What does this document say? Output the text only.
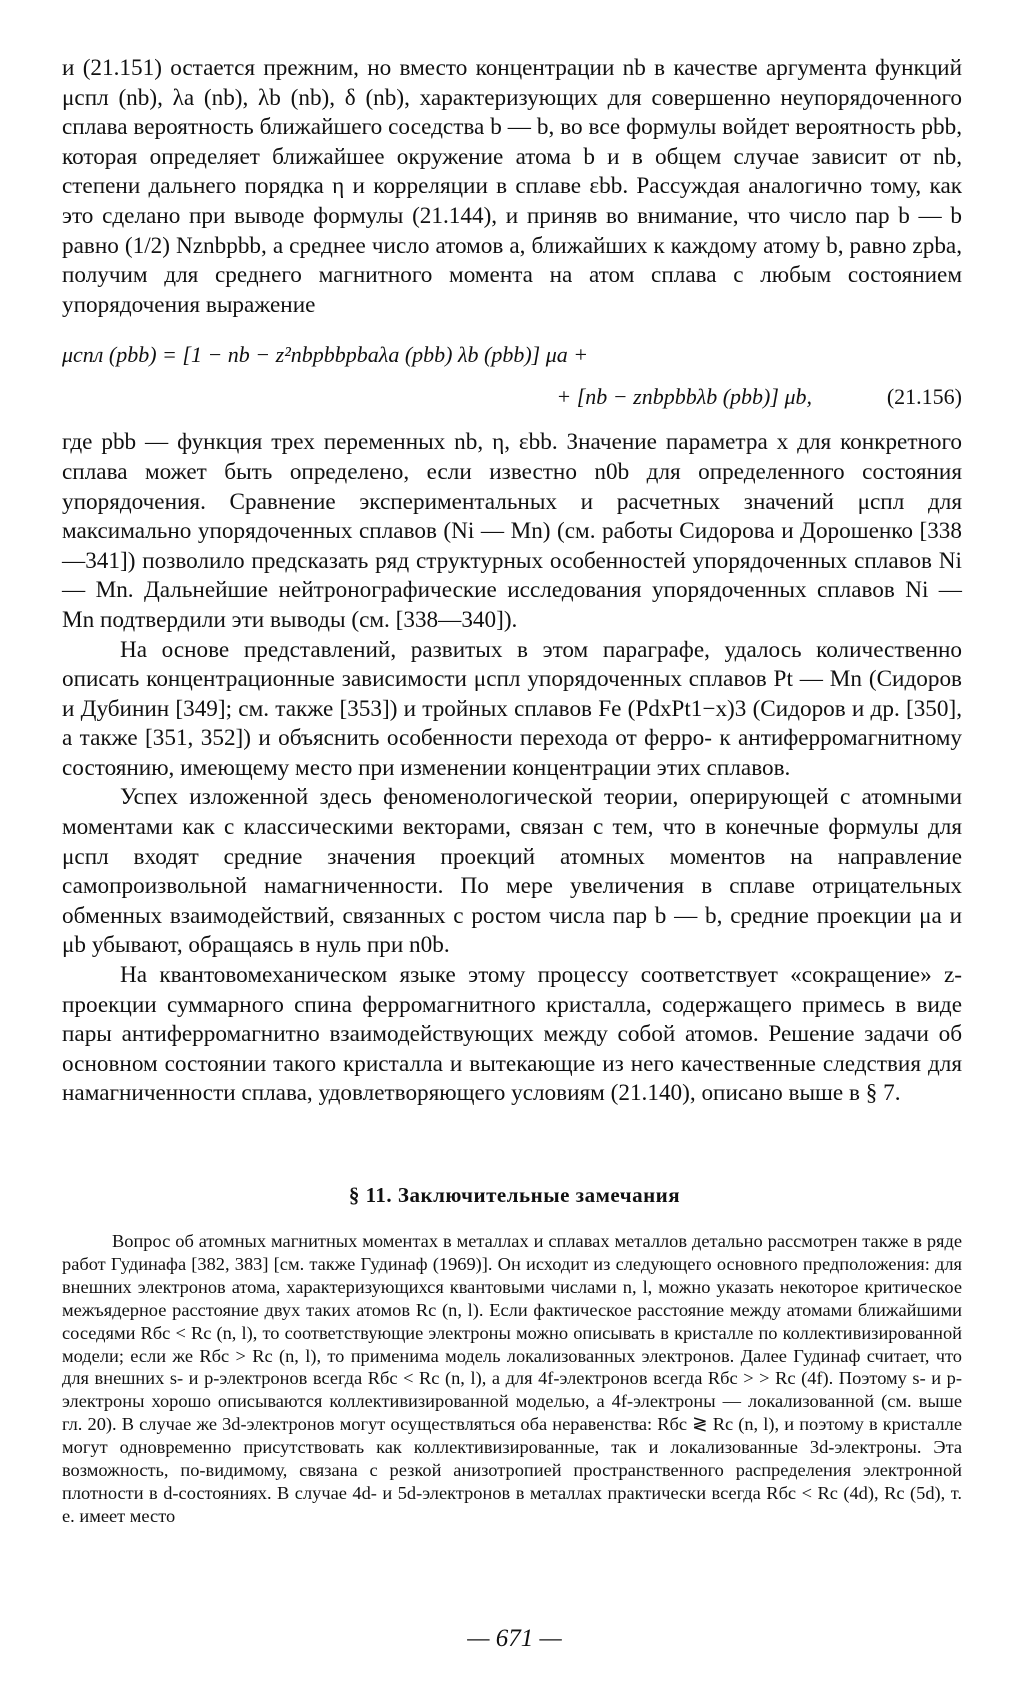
и (21.151) остается прежним, но вместо концентрации nb в качестве аргумента функций μспл (nb), λa (nb), λb (nb), δ (nb), характеризующих для совершенно неупорядоченного сплава вероятность ближайшего соседства b — b, во все формулы войдет вероятность pbb, которая определяет ближайшее окружение атома b и в общем случае зависит от nb, степени дальнего порядка η и корреляции в сплаве εbb. Рассуждая аналогично тому, как это сделано при выводе формулы (21.144), и приняв во внимание, что число пар b — b равно (1/2) Nznbpbb, а среднее число атомов a, ближайших к каждому атому b, равно zpba, получим для среднего магнитного момента на атом сплава с любым состоянием упорядочения выражение

μспл (pbb) = [1 − nb − z²nbpbbpbaλa (pbb) λb (pbb)] μa +
+ [nb − znbpbbλb (pbb)] μb,	(21.156)

где pbb — функция трех переменных nb, η, εbb. Значение параметра x для конкретного сплава может быть определено, если известно n0b для определенного состояния упорядочения. Сравнение экспериментальных и расчетных значений μспл для максимально упорядоченных сплавов (Ni — Mn) (см. работы Сидорова и Дорошенко [338—341]) позволило предсказать ряд структурных особенностей упорядоченных сплавов Ni — Mn. Дальнейшие нейтронографические исследования упорядоченных сплавов Ni — Mn подтвердили эти выводы (см. [338—340]).

На основе представлений, развитых в этом параграфе, удалось количественно описать концентрационные зависимости μспл упорядоченных сплавов Pt — Mn (Сидоров и Дубинин [349]; см. также [353]) и тройных сплавов Fe (PdxPt1−x)3 (Сидоров и др. [350], а также [351, 352]) и объяснить особенности перехода от ферро- к антиферромагнитному состоянию, имеющему место при изменении концентрации этих сплавов.

Успех изложенной здесь феноменологической теории, оперирующей с атомными моментами как с классическими векторами, связан с тем, что в конечные формулы для μспл входят средние значения проекций атомных моментов на направление самопроизвольной намагниченности. По мере увеличения в сплаве отрицательных обменных взаимодействий, связанных с ростом числа пар b — b, средние проекции μa и μb убывают, обращаясь в нуль при n0b.

На квантовомеханическом языке этому процессу соответствует «сокращение» z-проекции суммарного спина ферромагнитного кристалла, содержащего примесь в виде пары антиферромагнитно взаимодействующих между собой атомов. Решение задачи об основном состоянии такого кристалла и вытекающие из него качественные следствия для намагниченности сплава, удовлетворяющего условиям (21.140), описано выше в § 7.

§ 11. Заключительные замечания

Вопрос об атомных магнитных моментах в металлах и сплавах металлов детально рассмотрен также в ряде работ Гудинафа [382, 383] [см. также Гудинаф (1969)]. Он исходит из следующего основного предположения: для внешних электронов атома, характеризующихся квантовыми числами n, l, можно указать некоторое критическое межъядерное расстояние двух таких атомов Rc (n, l). Если фактическое расстояние между атомами ближайшими соседями Rбс < Rc (n, l), то соответствующие электроны можно описывать в кристалле по коллективизированной модели; если же Rбс > Rc (n, l), то применима модель локализованных электронов. Далее Гудинаф считает, что для внешних s- и p-электронов всегда Rбс < Rc (n, l), а для 4f-электронов всегда Rбс > > Rc (4f). Поэтому s- и p-электроны хорошо описываются коллективизированной моделью, а 4f-электроны — локализованной (см. выше гл. 20). В случае же 3d-электронов могут осуществляться оба неравенства: Rбс ≷ Rc (n, l), и поэтому в кристалле могут одновременно присутствовать как коллективизированные, так и локализованные 3d-электроны. Эта возможность, по-видимому, связана с резкой анизотропией пространственного распределения электронной плотности в d-состояниях. В случае 4d- и 5d-электронов в металлах практически всегда Rбс < Rc (4d), Rc (5d), т. е. имеет место

— 671 —
